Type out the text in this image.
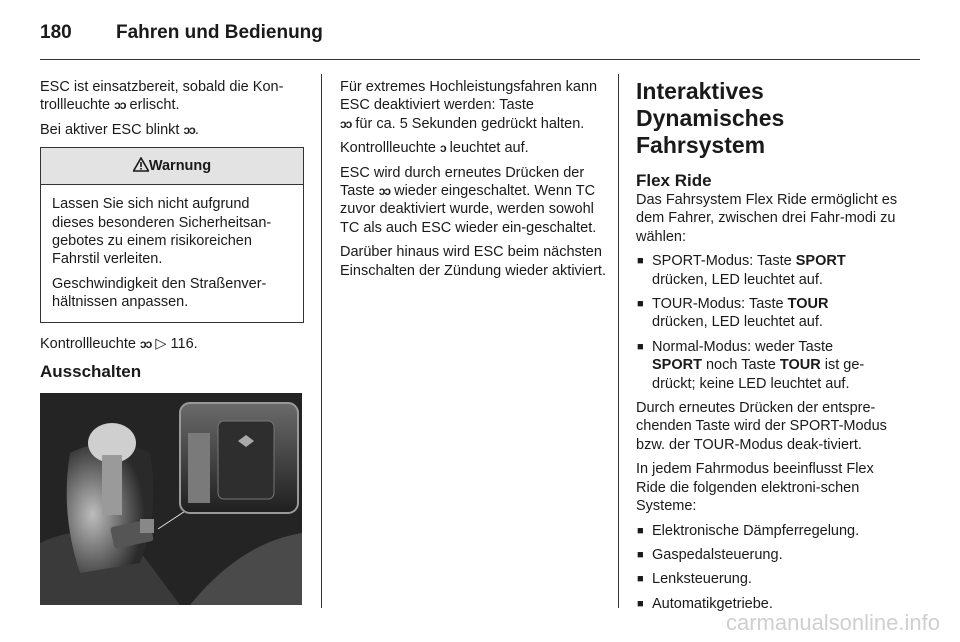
180 Fahren und Bedienung

ESC ist einsatzbereit, sobald die Kon-trollleuchte ↄↄ erlischt.

Bei aktiver ESC blinkt ↄↄ.

Warnung

Lassen Sie sich nicht aufgrund dieses besonderen Sicherheitsan-gebotes zu einem risikoreichen Fahrstil verleiten.

Geschwindigkeit den Straßenver-hältnissen anpassen.

Kontrollleuchte ↄↄ ▷ 116.

Ausschalten

Für extremes Hochleistungsfahren kann ESC deaktiviert werden: Taste
ↄↄ für ca. 5 Sekunden gedrückt halten.

Kontrollleuchte ↄ leuchtet auf.

ESC wird durch erneutes Drücken der Taste ↄↄ wieder eingeschaltet. Wenn TC zuvor deaktiviert wurde, werden sowohl TC als auch ESC wieder ein-geschaltet.

Darüber hinaus wird ESC beim nächsten Einschalten der Zündung wieder aktiviert.

Interaktives Dynamisches Fahrsystem
Flex Ride

Das Fahrsystem Flex Ride ermöglicht es dem Fahrer, zwischen drei Fahr-modi zu wählen:

■ SPORT-Modus: Taste SPORT
drücken, LED leuchtet auf.
■ TOUR-Modus: Taste TOUR
drücken, LED leuchtet auf.
■ Normal-Modus: weder Taste
SPORT noch Taste TOUR ist ge-drückt; keine LED leuchtet auf.

Durch erneutes Drücken der entspre-chenden Taste wird der SPORT-Modus bzw. der TOUR-Modus deak-tiviert.

In jedem Fahrmodus beeinflusst Flex Ride die folgenden elektroni-schen Systeme:

■ Elektronische Dämpferregelung.
■ Gaspedalsteuerung.
■ Lenksteuerung.
■ Automatikgetriebe.
carmanualsonline.info
